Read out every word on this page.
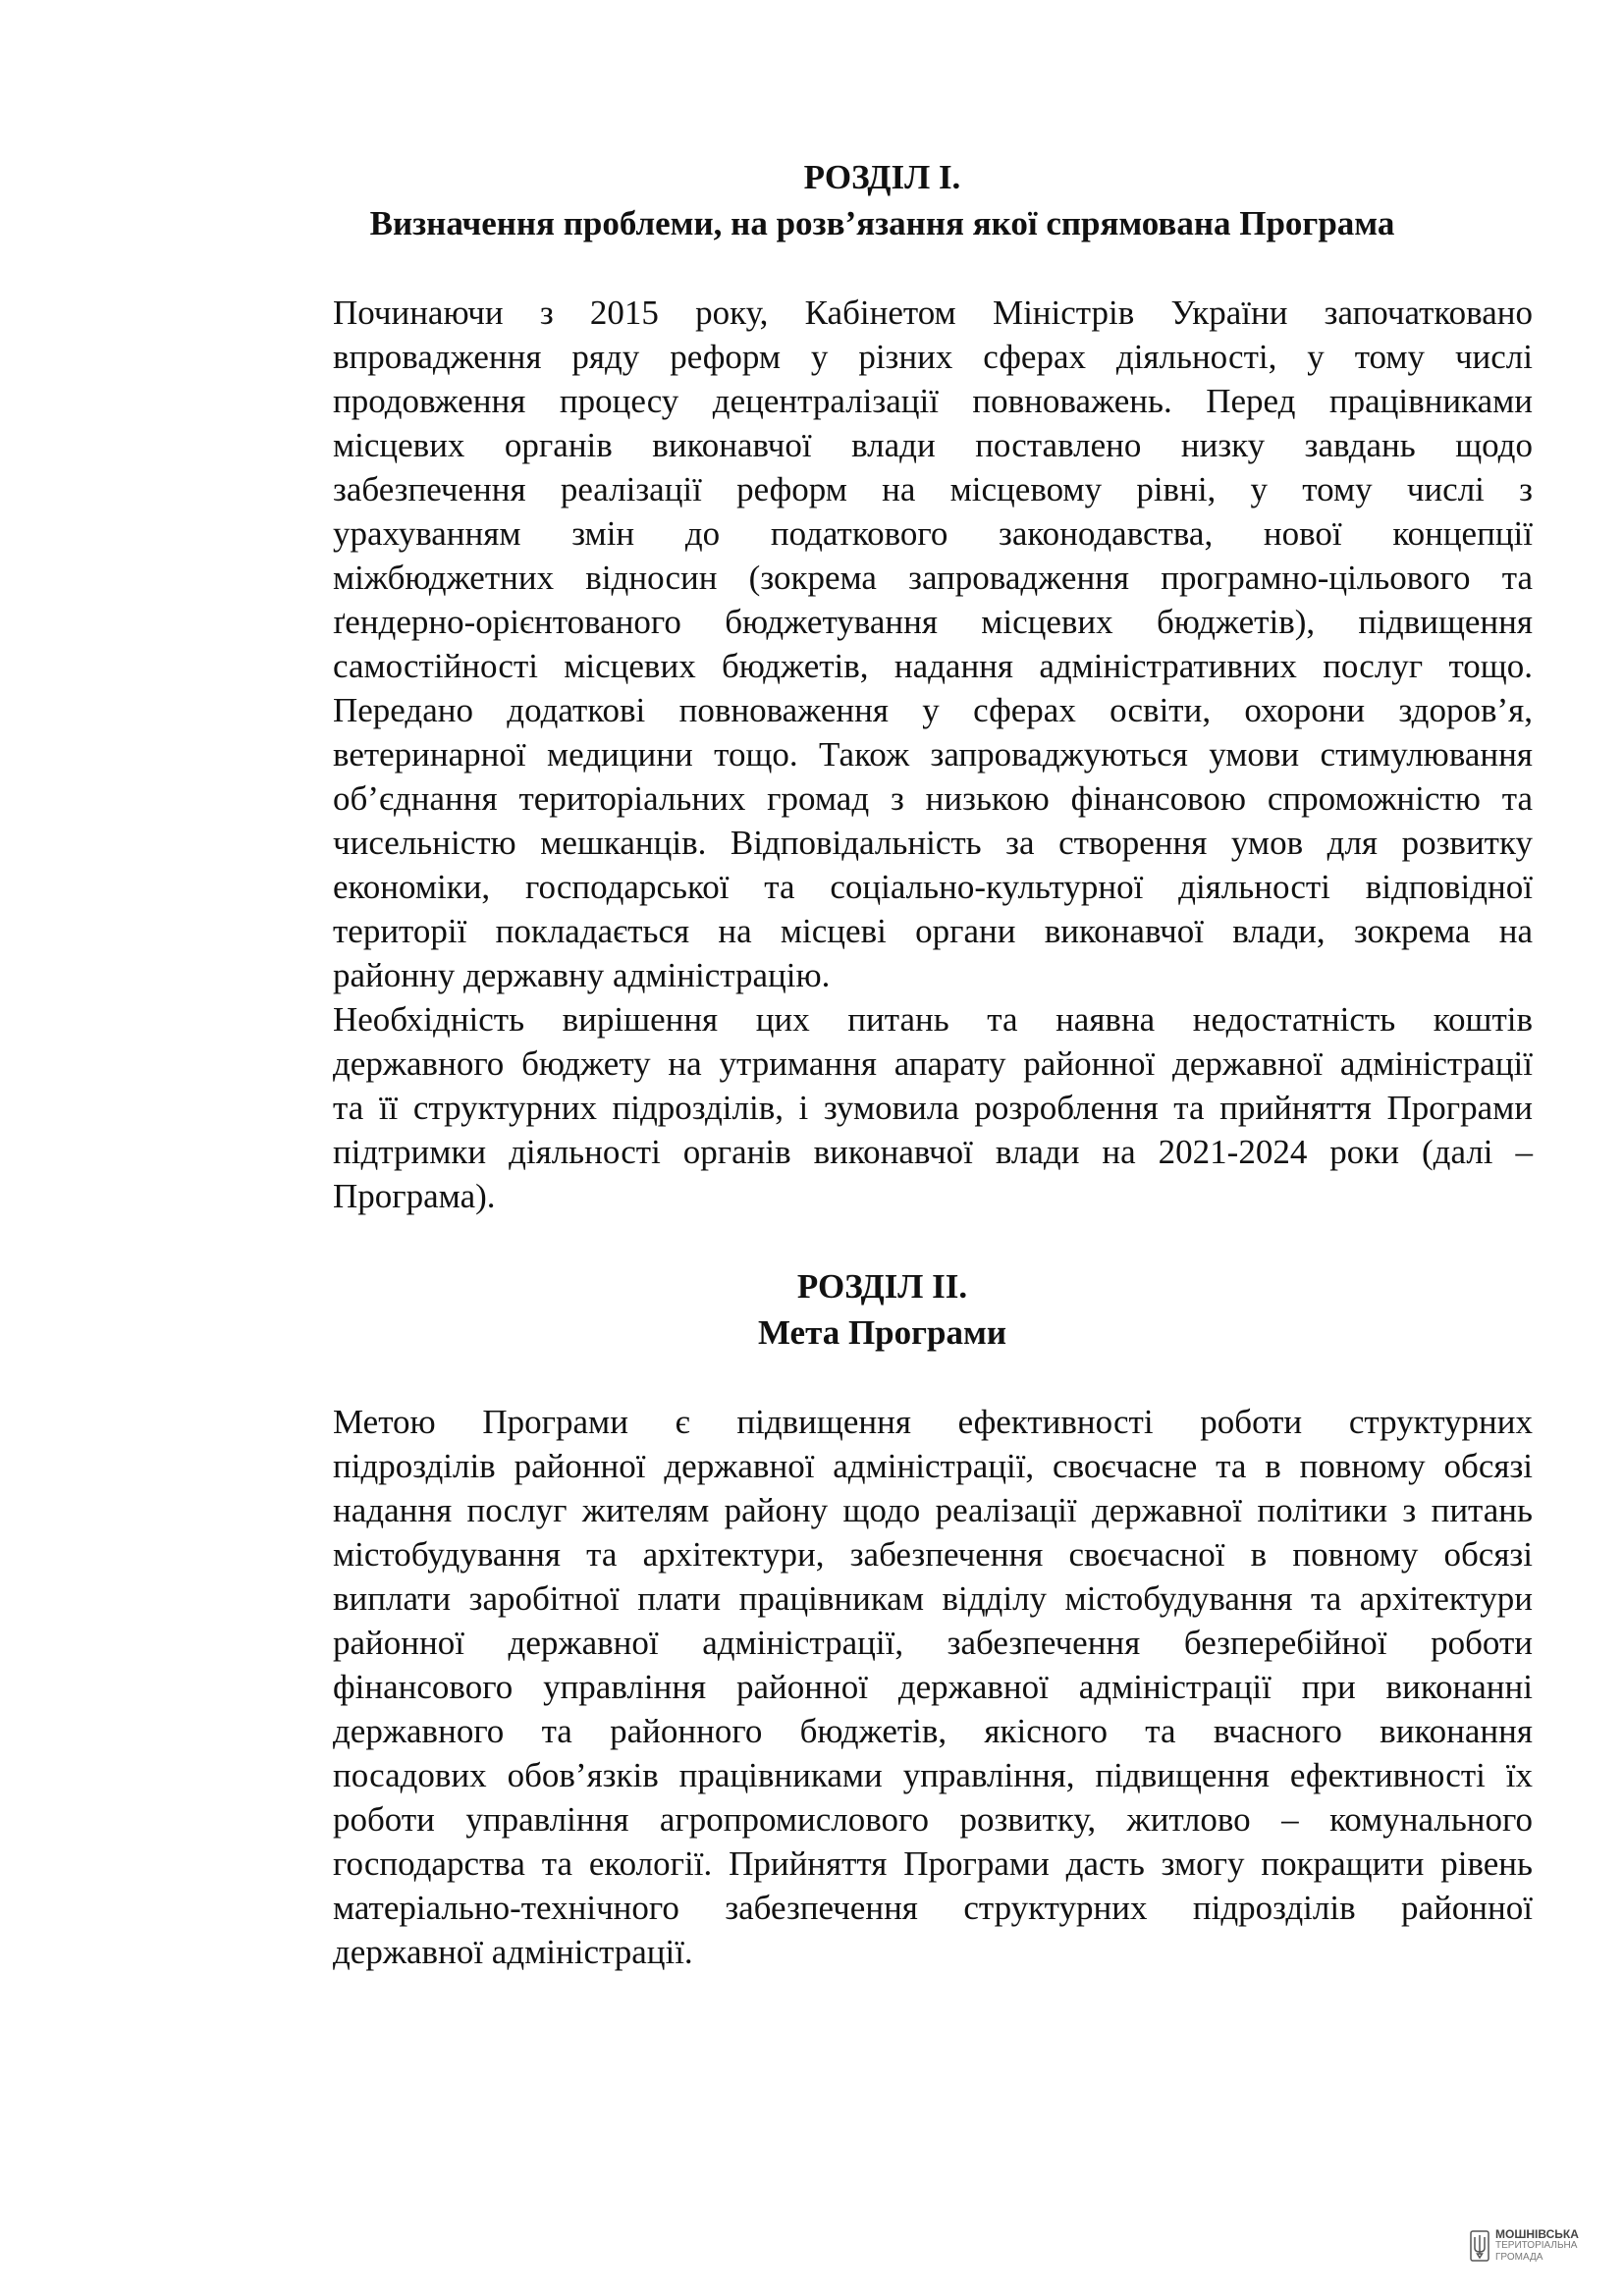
РОЗДІЛ І.
Визначення проблеми, на розв’язання якої спрямована Програма

Починаючи з 2015 року, Кабінетом Міністрів України започатковано
впровадження ряду реформ у різних сферах діяльності, у тому числі
продовження процесу децентралізації повноважень. Перед працівниками
місцевих органів виконавчої влади поставлено низку завдань щодо
забезпечення реалізації реформ на місцевому рівні, у тому числі з
урахуванням змін до податкового законодавства, нової концепції
міжбюджетних відносин (зокрема запровадження програмно-цільового та
ґендерно-орієнтованого бюджетування місцевих бюджетів), підвищення
самостійності місцевих бюджетів, надання адміністративних послуг тощо.
Передано додаткові повноваження у сферах освіти, охорони здоров’я,
ветеринарної медицини тощо. Також запроваджуються умови стимулювання
об’єднання територіальних громад з низькою фінансовою спроможністю та
чисельністю мешканців. Відповідальність за створення умов для розвитку
економіки, господарської та соціально-культурної діяльності відповідної
території покладається на місцеві органи виконавчої влади, зокрема на
районну державну адміністрацію.

Необхідність вирішення цих питань та наявна недостатність коштів
державного бюджету на утримання апарату районної державної адміністрації
та її структурних підрозділів, і зумовила розроблення та прийняття Програми
підтримки діяльності органів виконавчої влади на 2021-2024 роки (далі –
Програма).

РОЗДІЛ ІІ.
Мета Програми

Метою Програми є підвищення ефективності роботи структурних
підрозділів районної державної адміністрації, своєчасне та в повному обсязі
надання послуг жителям району щодо реалізації державної політики з питань
містобудування та архітектури, забезпечення своєчасної в повному обсязі
виплати заробітної плати працівникам відділу містобудування та архітектури
районної державної адміністрації, забезпечення безперебійної роботи
фінансового управління районної державної адміністрації при виконанні
державного та районного бюджетів, якісного та вчасного виконання
посадових обов’язків працівниками управління, підвищення ефективності їх
роботи управління агропромислового розвитку, житлово – комунального
господарства та екології. Прийняття Програми дасть змогу покращити рівень
матеріально-технічного забезпечення структурних підрозділів районної
державної адміністрації.

МОШНІВСЬКА
ТЕРИТОРІАЛЬНА
ГРОМАДА
